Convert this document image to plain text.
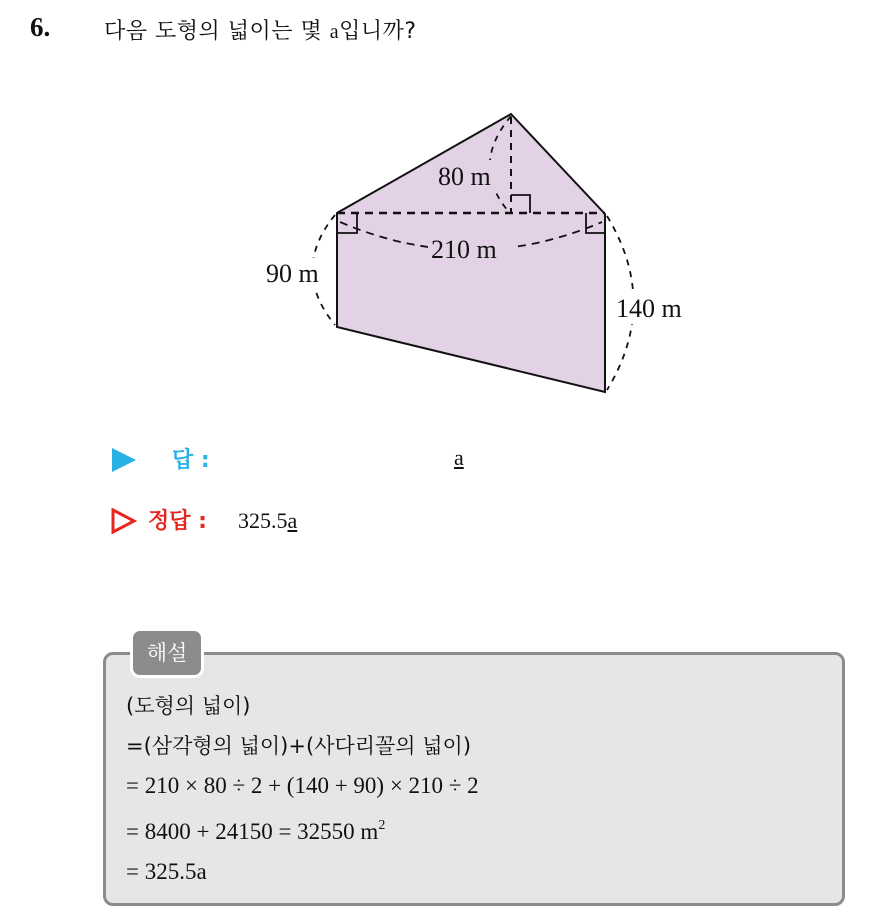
6. 다음 도형의 넓이는 몇 a입니까?
80 m
210 m
90 m
140 m
답 :	a
정답 : 325.5a
해설
(도형의 넓이)
=(삼각형의 넓이)+(사다리꼴의 넓이)
= 210 × 80 ÷ 2 + (140 + 90) × 210 ÷ 2
= 8400 + 24150 = 32550 $m^2$
= 325.5a
